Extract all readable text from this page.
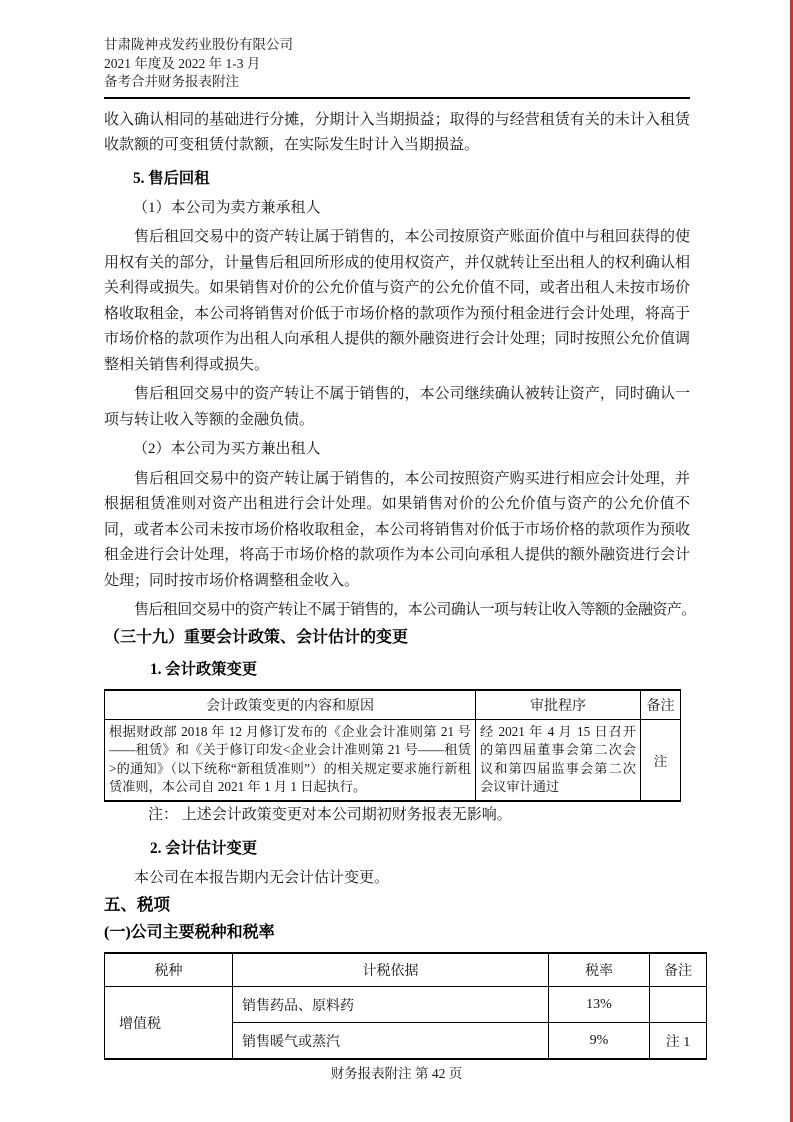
甘肃陇神戎发药业股份有限公司
2021 年度及 2022 年 1-3 月
备考合并财务报表附注

收入确认相同的基础进行分摊，分期计入当期损益；取得的与经营租赁有关的未计入租赁收款额的可变租赁付款额，在实际发生时计入当期损益。

5. 售后回租

（1）本公司为卖方兼承租人

售后租回交易中的资产转让属于销售的，本公司按原资产账面价值中与租回获得的使用权有关的部分，计量售后租回所形成的使用权资产，并仅就转让至出租人的权利确认相关利得或损失。如果销售对价的公允价值与资产的公允价值不同，或者出租人未按市场价格收取租金，本公司将销售对价低于市场价格的款项作为预付租金进行会计处理，将高于市场价格的款项作为出租人向承租人提供的额外融资进行会计处理；同时按照公允价值调整相关销售利得或损失。

售后租回交易中的资产转让不属于销售的，本公司继续确认被转让资产，同时确认一项与转让收入等额的金融负债。

（2）本公司为买方兼出租人

售后租回交易中的资产转让属于销售的，本公司按照资产购买进行相应会计处理，并根据租赁准则对资产出租进行会计处理。如果销售对价的公允价值与资产的公允价值不同，或者本公司未按市场价格收取租金，本公司将销售对价低于市场价格的款项作为预收租金进行会计处理，将高于市场价格的款项作为本公司向承租人提供的额外融资进行会计处理；同时按市场价格调整租金收入。

售后租回交易中的资产转让不属于销售的，本公司确认一项与转让收入等额的金融资产。

（三十九）重要会计政策、会计估计的变更

1. 会计政策变更

会计政策变更的内容和原因	审批程序	备注
根据财政部 2018 年 12 月修订发布的《企业会计准则第 21 号——租赁》和《关于修订印发<企业会计准则第 21 号——租赁>的通知》（以下统称“新租赁准则”）的相关规定要求施行新租赁准则，本公司自 2021 年 1 月 1 日起执行。	经 2021 年 4 月 15 日召开的第四届董事会第二次会议和第四届监事会第二次会议审计通过	注

注： 上述会计政策变更对本公司期初财务报表无影响。

2. 会计估计变更

本公司在本报告期内无会计估计变更。

五、税项

(一)公司主要税种和税率

税种	计税依据	税率	备注
增值税	销售药品、原料药	13%	
	销售暖气或蒸汽	9%	注 1
财务报表附注 第 42 页
